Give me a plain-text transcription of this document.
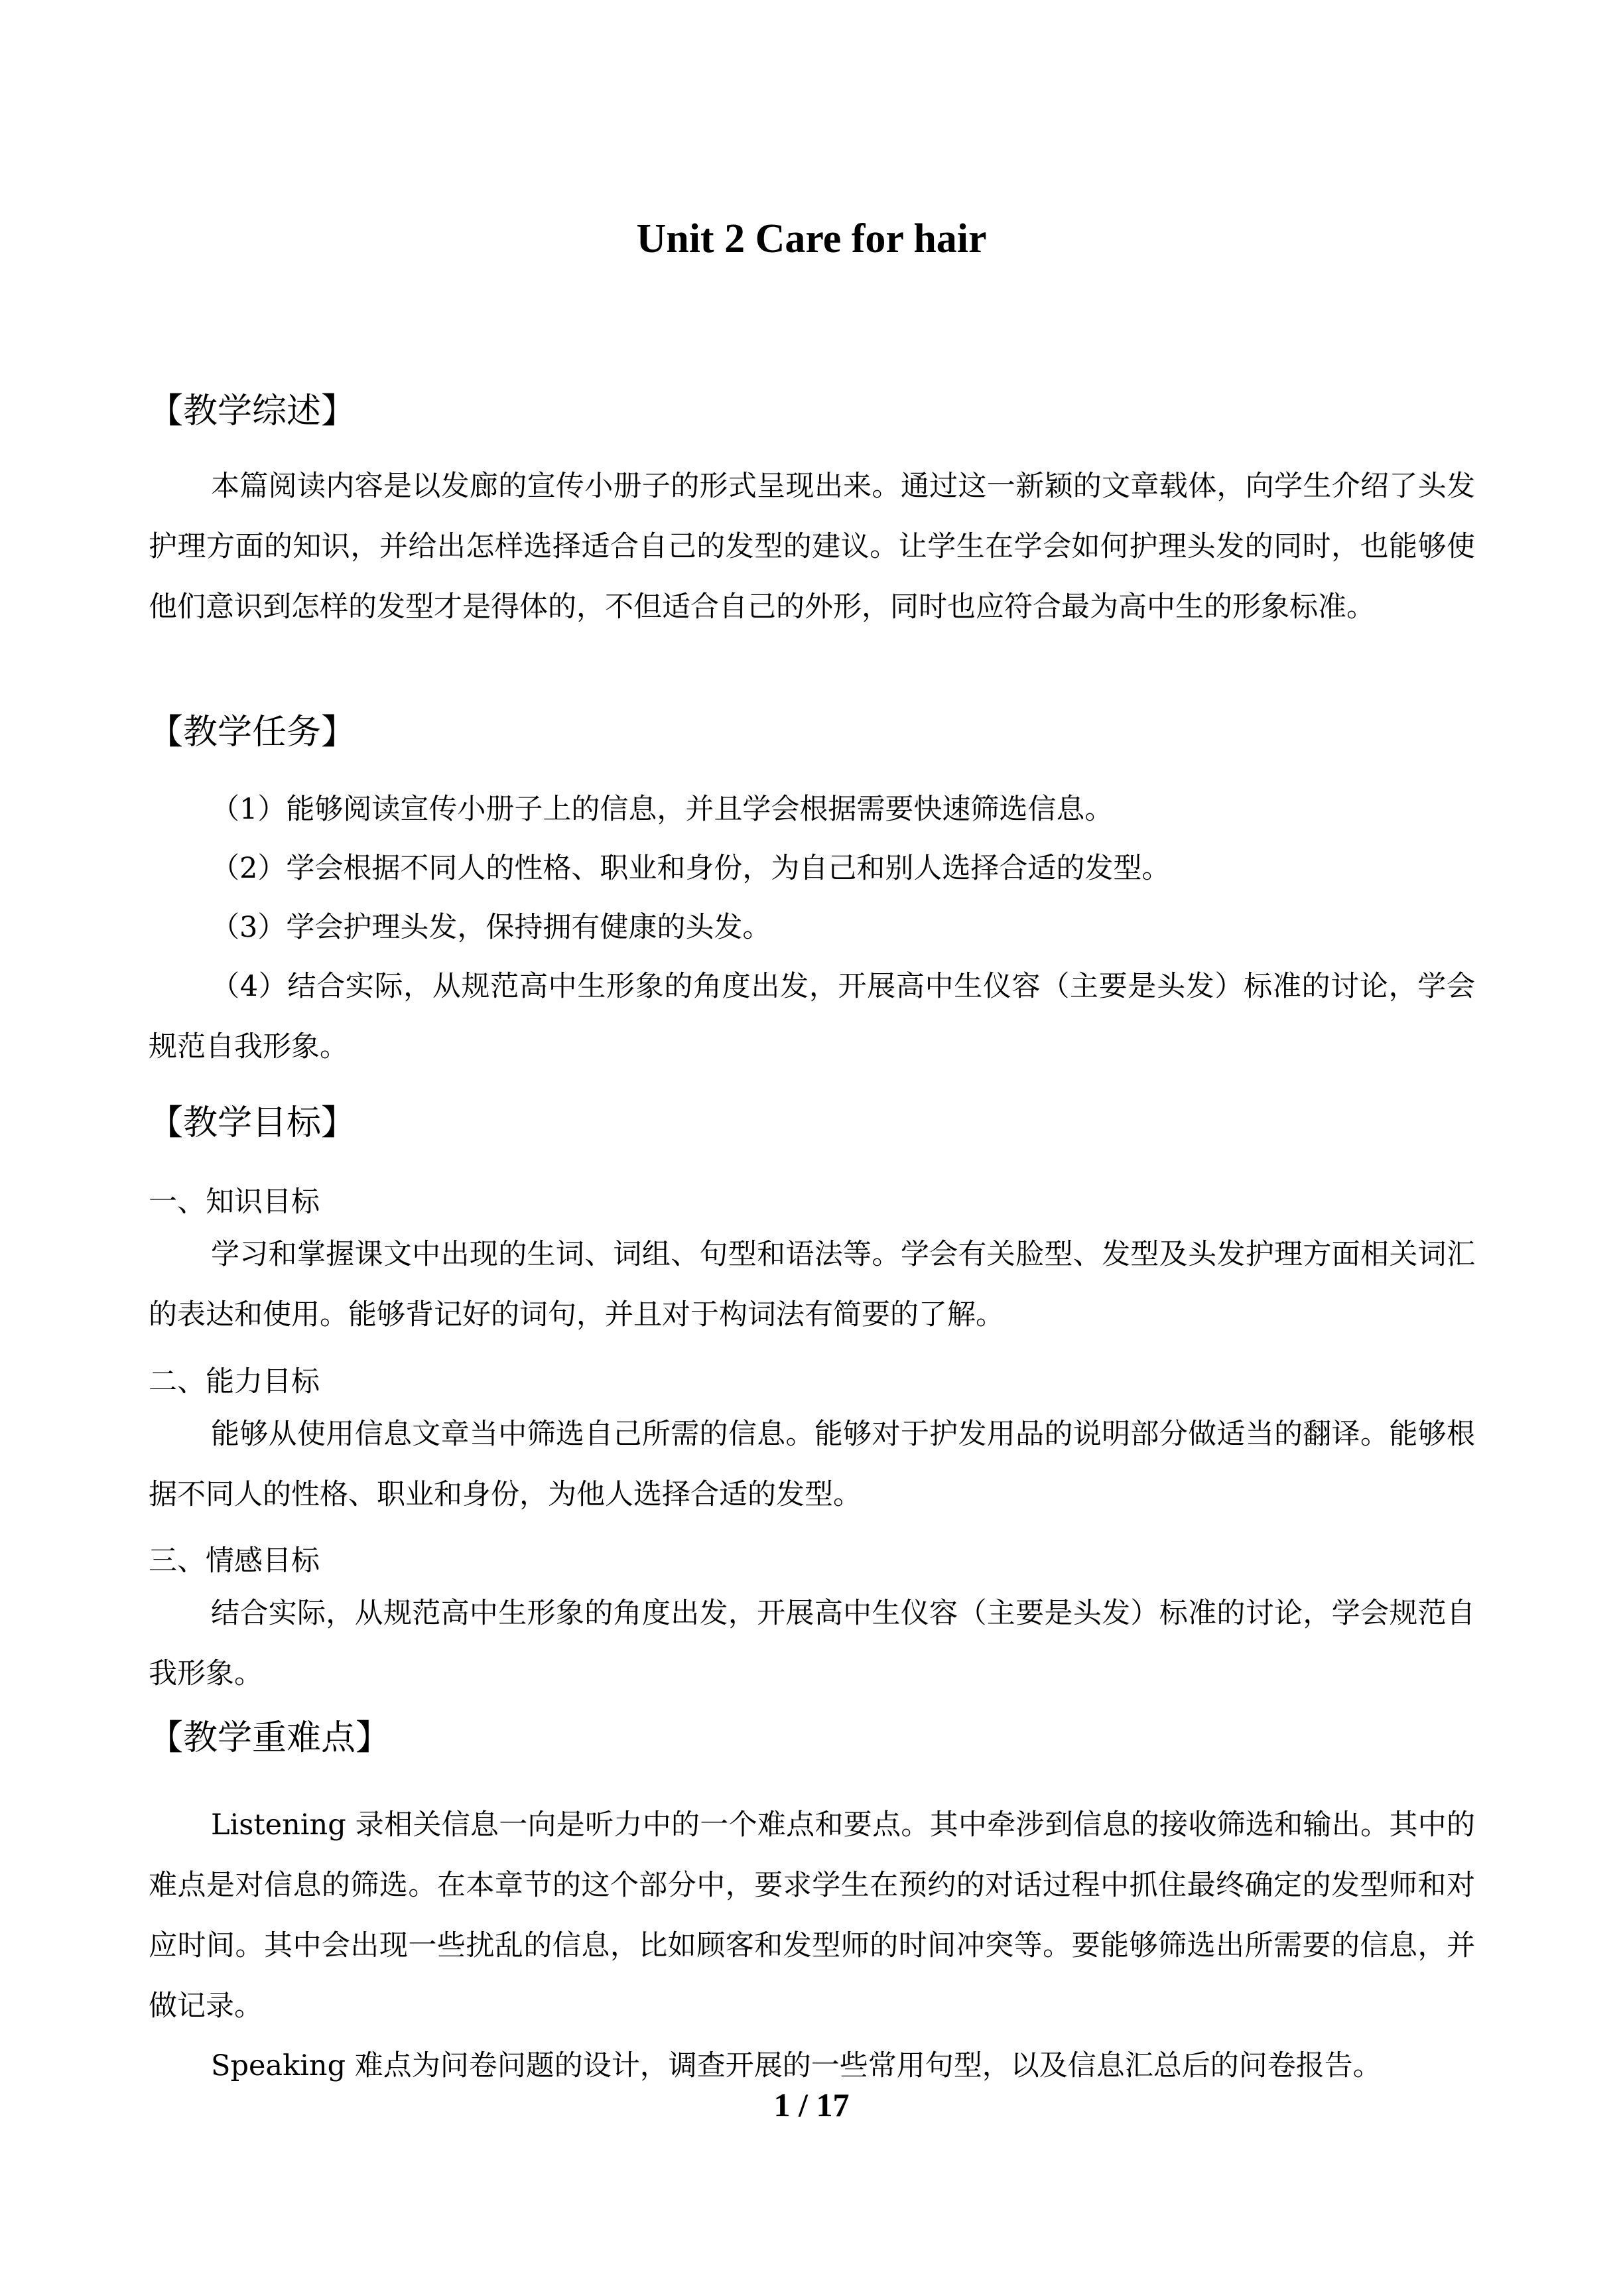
Unit 2 Care for hair
【教学综述】
本篇阅读内容是以发廊的宣传小册子的形式呈现出来。通过这一新颖的文章载体，向学生介绍了头发护理方面的知识，并给出怎样选择适合自己的发型的建议。让学生在学会如何护理头发的同时，也能够使他们意识到怎样的发型才是得体的，不但适合自己的外形，同时也应符合最为高中生的形象标准。
【教学任务】
（1）能够阅读宣传小册子上的信息，并且学会根据需要快速筛选信息。
（2）学会根据不同人的性格、职业和身份，为自己和别人选择合适的发型。
（3）学会护理头发，保持拥有健康的头发。
（4）结合实际，从规范高中生形象的角度出发，开展高中生仪容（主要是头发）标准的讨论，学会规范自我形象。
【教学目标】
一、知识目标
学习和掌握课文中出现的生词、词组、句型和语法等。学会有关脸型、发型及头发护理方面相关词汇的表达和使用。能够背记好的词句，并且对于构词法有简要的了解。
二、能力目标
能够从使用信息文章当中筛选自己所需的信息。能够对于护发用品的说明部分做适当的翻译。能够根据不同人的性格、职业和身份，为他人选择合适的发型。
三、情感目标
结合实际，从规范高中生形象的角度出发，开展高中生仪容（主要是头发）标准的讨论，学会规范自我形象。
【教学重难点】
Listening 录相关信息一向是听力中的一个难点和要点。其中牵涉到信息的接收筛选和输出。其中的难点是对信息的筛选。在本章节的这个部分中，要求学生在预约的对话过程中抓住最终确定的发型师和对应时间。其中会出现一些扰乱的信息，比如顾客和发型师的时间冲突等。要能够筛选出所需要的信息，并做记录。
Speaking 难点为问卷问题的设计，调查开展的一些常用句型，以及信息汇总后的问卷报告。
1 / 17
